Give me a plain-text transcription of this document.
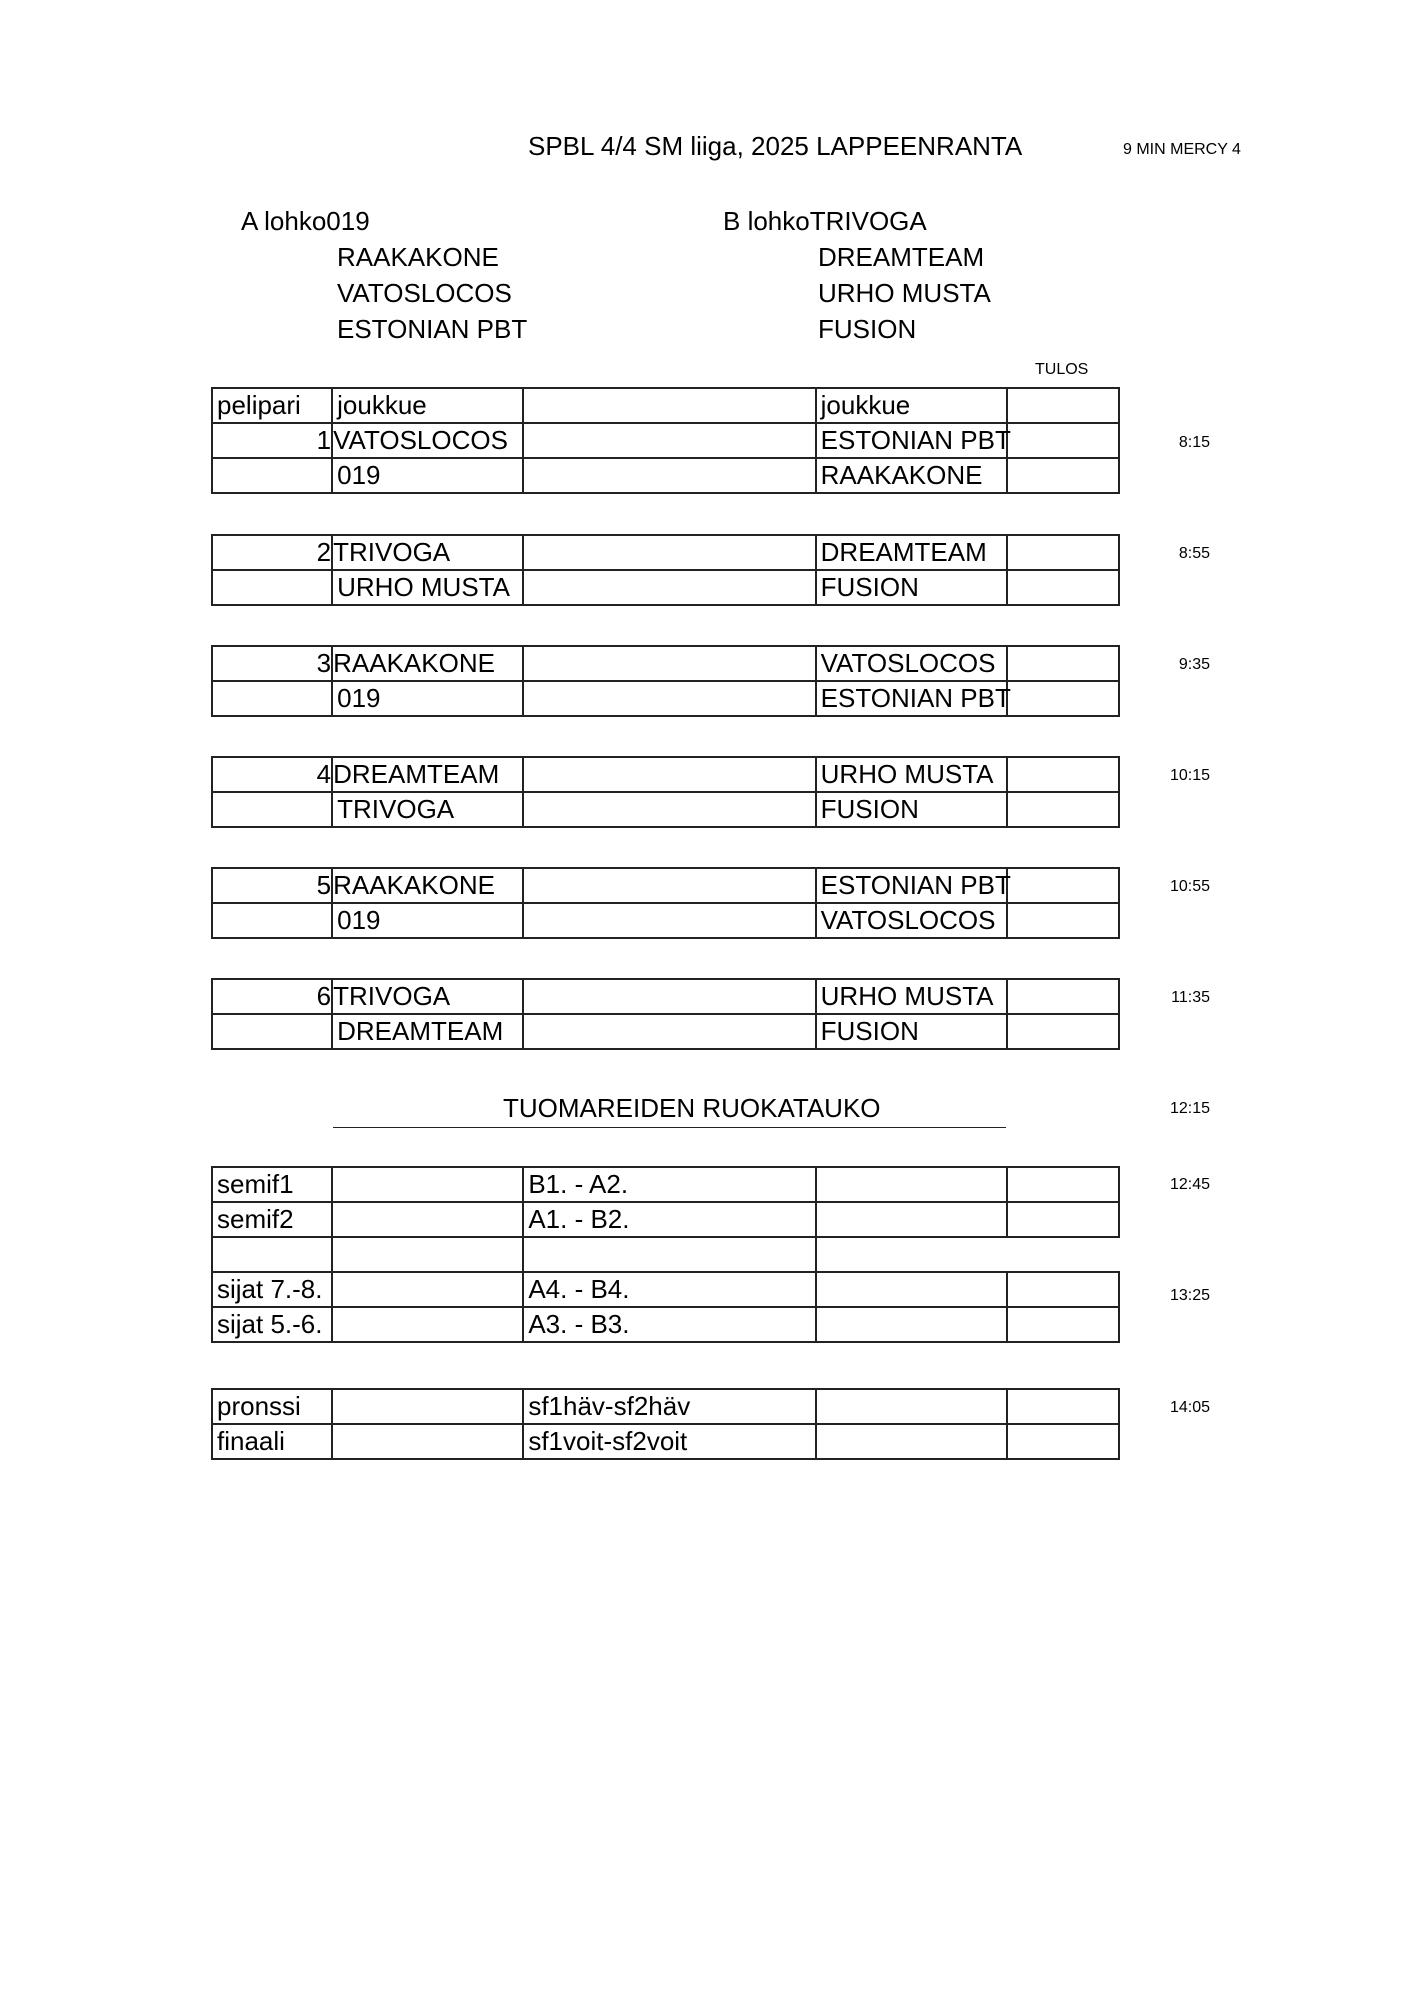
SPBL 4/4 SM liiga, 2025 LAPPEENRANTA	9 MIN MERCY 4
A lohko019
RAAKAKONE
VATOSLOCOS
ESTONIAN PBT
B lohkoTRIVOGA
DREAMTEAM
URHO MUSTA
FUSION
TULOS
pelipari	joukkue		joukkue	
1	VATOSLOCOS		ESTONIAN PBT	
	019		RAAKAKONE	
8:15
2	TRIVOGA		DREAMTEAM	
	URHO MUSTA		FUSION	
8:55
3	RAAKAKONE		VATOSLOCOS	
	019		ESTONIAN PBT	
9:35
4	DREAMTEAM		URHO MUSTA	
	TRIVOGA		FUSION	
10:15
5	RAAKAKONE		ESTONIAN PBT	
	019		VATOSLOCOS	
10:55
6	TRIVOGA		URHO MUSTA	
	DREAMTEAM		FUSION	
11:35
TUOMAREIDEN RUOKATAUKO	12:15
semif1		B1. - A2.		
semif2		A1. - B2.		

sijat 7.-8.		A4. - B4.		
sijat 5.-6.		A3. - B3.		
12:45
13:25
pronssi		sf1häv-sf2häv		
finaali		sf1voit-sf2voit		
14:05
